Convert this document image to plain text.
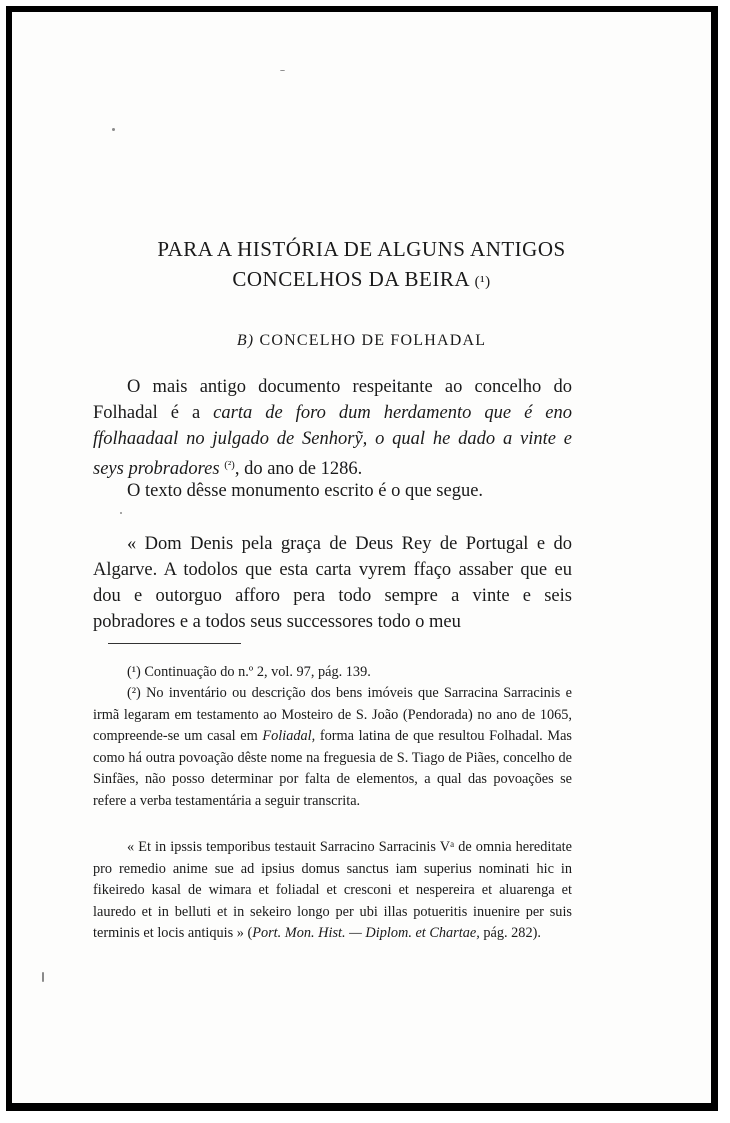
PARA A HISTÓRIA DE ALGUNS ANTIGOS
CONCELHOS DA BEIRA (¹)
B) CONCELHO DE FOLHADAL

O mais antigo documento respeitante ao concelho do Folhadal é a carta de foro dum herdamento que é eno ffolhaadaal no julgado de Senhorỹ, o qual he dado a vinte e seys probradores $^{(^2)}$, do ano de 1286.

O texto dêsse monumento escrito é o que segue.

« Dom Denis pela graça de Deus Rey de Portugal e do Algarve. A todolos que esta carta vyrem ffaço assaber que eu dou e outorguo afforo pera todo sempre a vinte e seis pobradores e a todos seus successores todo o meu

(¹) Continuação do n.º 2, vol. 97, pág. 139.

(²) No inventário ou descrição dos bens imóveis que Sarracina Sarracinis e irmã legaram em testamento ao Mosteiro de S. João (Pendorada) no ano de 1065, compreende-se um casal em Foliadal, forma latina de que resultou Folhadal. Mas como há outra povoação dêste nome na freguesia de S. Tiago de Piães, concelho de Sinfães, não posso determinar por falta de elementos, a qual das povoações se refere a verba testamentária a seguir transcrita.

« Et in ipssis temporibus testauit Sarracino Sarracinis $V^a$ de omnia hereditate pro remedio anime sue ad ipsius domus sanctus iam superius nominati hic in fikeiredo kasal de wimara et foliadal et cresconi et nespereira et aluarenga et lauredo et in belluti et in sekeiro longo per ubi illas potueritis inuenire per suis terminis et locis antiquis » (Port. Mon. Hist. — Diplom. et Chartae, pág. 282).
